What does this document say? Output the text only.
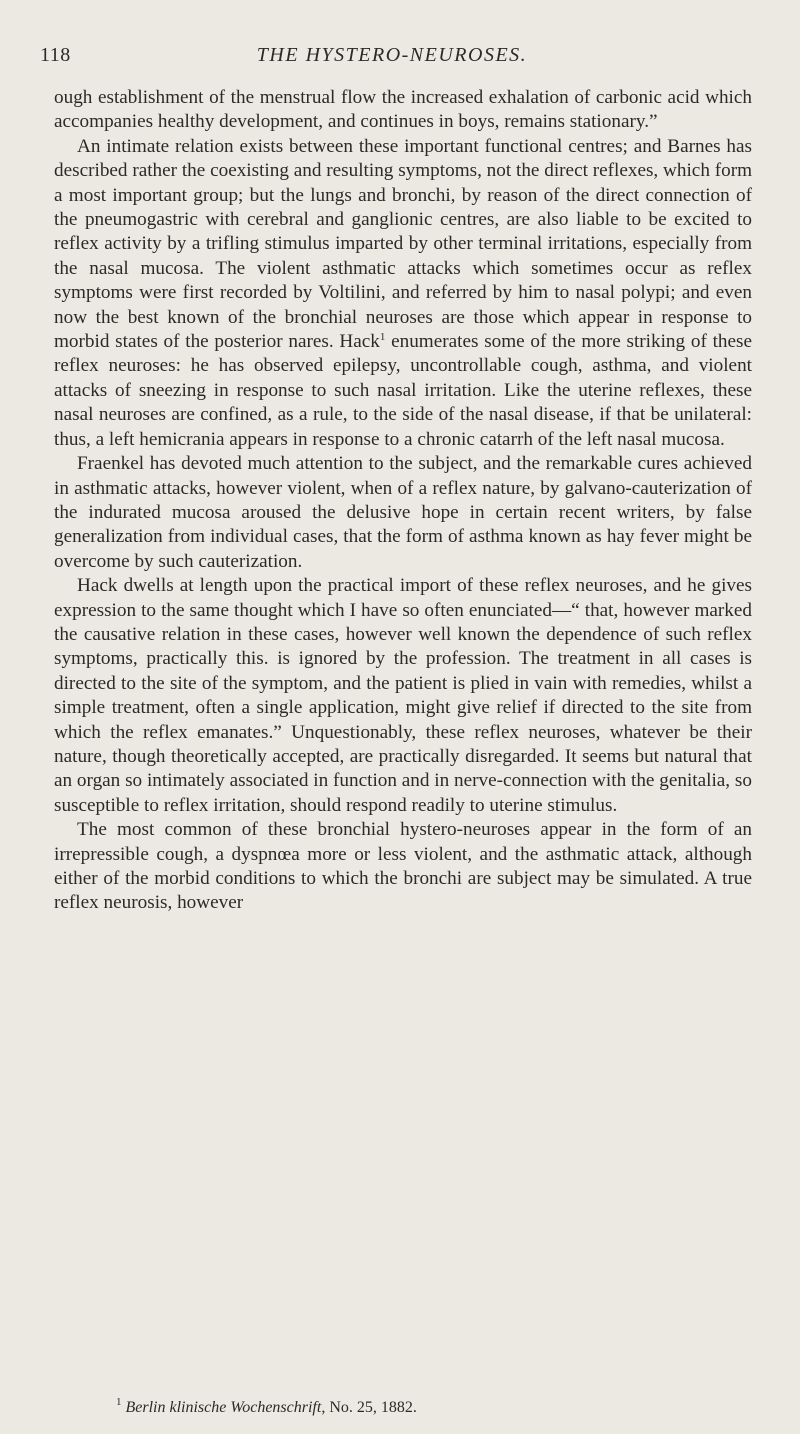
118	THE HYSTERO-NEUROSES.

ough establishment of the menstrual flow the increased exhalation of carbonic acid which accompanies healthy development, and continues in boys, remains stationary.”

An intimate relation exists between these important functional centres; and Barnes has described rather the coexisting and resulting symptoms, not the direct reflexes, which form a most important group; but the lungs and bronchi, by reason of the direct connection of the pneumogastric with cerebral and ganglionic centres, are also liable to be excited to reflex activity by a trifling stimulus imparted by other terminal irritations, especially from the nasal mucosa. The violent asthmatic attacks which sometimes occur as reflex symptoms were first recorded by Voltilini, and referred by him to nasal polypi; and even now the best known of the bronchial neuroses are those which appear in response to morbid states of the posterior nares. Hack$^1$ enumerates some of the more striking of these reflex neuroses: he has observed epilepsy, uncontrollable cough, asthma, and violent attacks of sneezing in response to such nasal irritation. Like the uterine reflexes, these nasal neuroses are confined, as a rule, to the side of the nasal disease, if that be unilateral: thus, a left hemicrania appears in response to a chronic catarrh of the left nasal mucosa.

Fraenkel has devoted much attention to the subject, and the remarkable cures achieved in asthmatic attacks, however violent, when of a reflex nature, by galvano-cauterization of the indurated mucosa aroused the delusive hope in certain recent writers, by false generalization from individual cases, that the form of asthma known as hay fever might be overcome by such cauterization.

Hack dwells at length upon the practical import of these reflex neuroses, and he gives expression to the same thought which I have so often enunciated—“ that, however marked the causative relation in these cases, however well known the dependence of such reflex symptoms, practically this. is ignored by the profession. The treatment in all cases is directed to the site of the symptom, and the patient is plied in vain with remedies, whilst a simple treatment, often a single application, might give relief if directed to the site from which the reflex emanates.” Unquestionably, these reflex neuroses, whatever be their nature, though theoretically accepted, are practically disregarded. It seems but natural that an organ so intimately associated in function and in nerve-connection with the genitalia, so susceptible to reflex irritation, should respond readily to uterine stimulus.

The most common of these bronchial hystero-neuroses appear in the form of an irrepressible cough, a dyspnœa more or less violent, and the asthmatic attack, although either of the morbid conditions to which the bronchi are subject may be simulated. A true reflex neurosis, however

$^1$ Berlin klinische Wochenschrift, No. 25, 1882.
